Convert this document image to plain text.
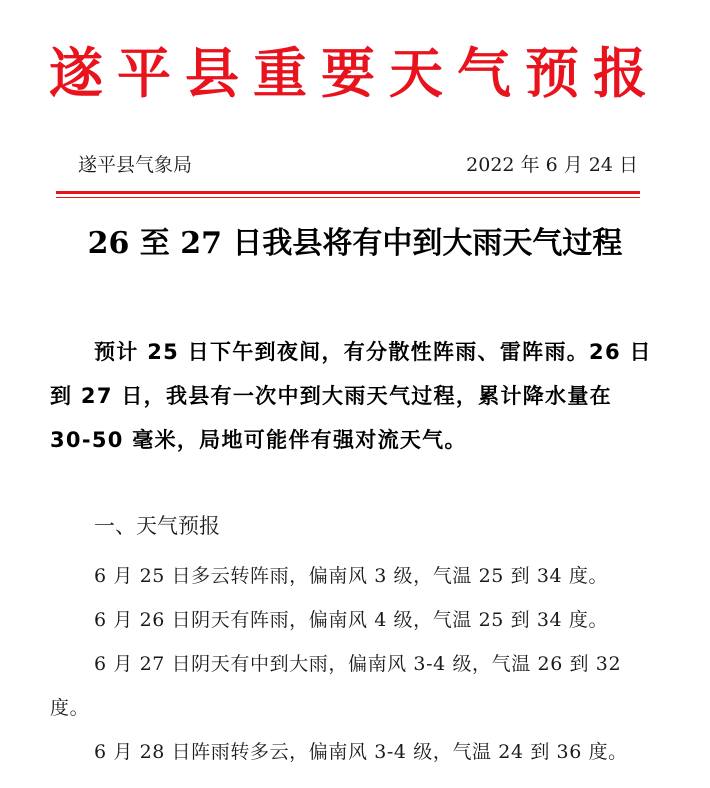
遂平县重要天气预报
遂平县气象局	2022 年 6 月 24 日
26 至 27 日我县将有中到大雨天气过程

预计 25 日下午到夜间，有分散性阵雨、雷阵雨。26 日到 27 日，我县有一次中到大雨天气过程，累计降水量在 30-50 毫米，局地可能伴有强对流天气。

一、天气预报

6 月 25 日多云转阵雨，偏南风 3 级，气温 25 到 34 度。

6 月 26 日阴天有阵雨，偏南风 4 级，气温 25 到 34 度。

6 月 27 日阴天有中到大雨，偏南风 3-4 级，气温 26 到 32 度。

6 月 28 日阵雨转多云，偏南风 3-4 级，气温 24 到 36 度。
